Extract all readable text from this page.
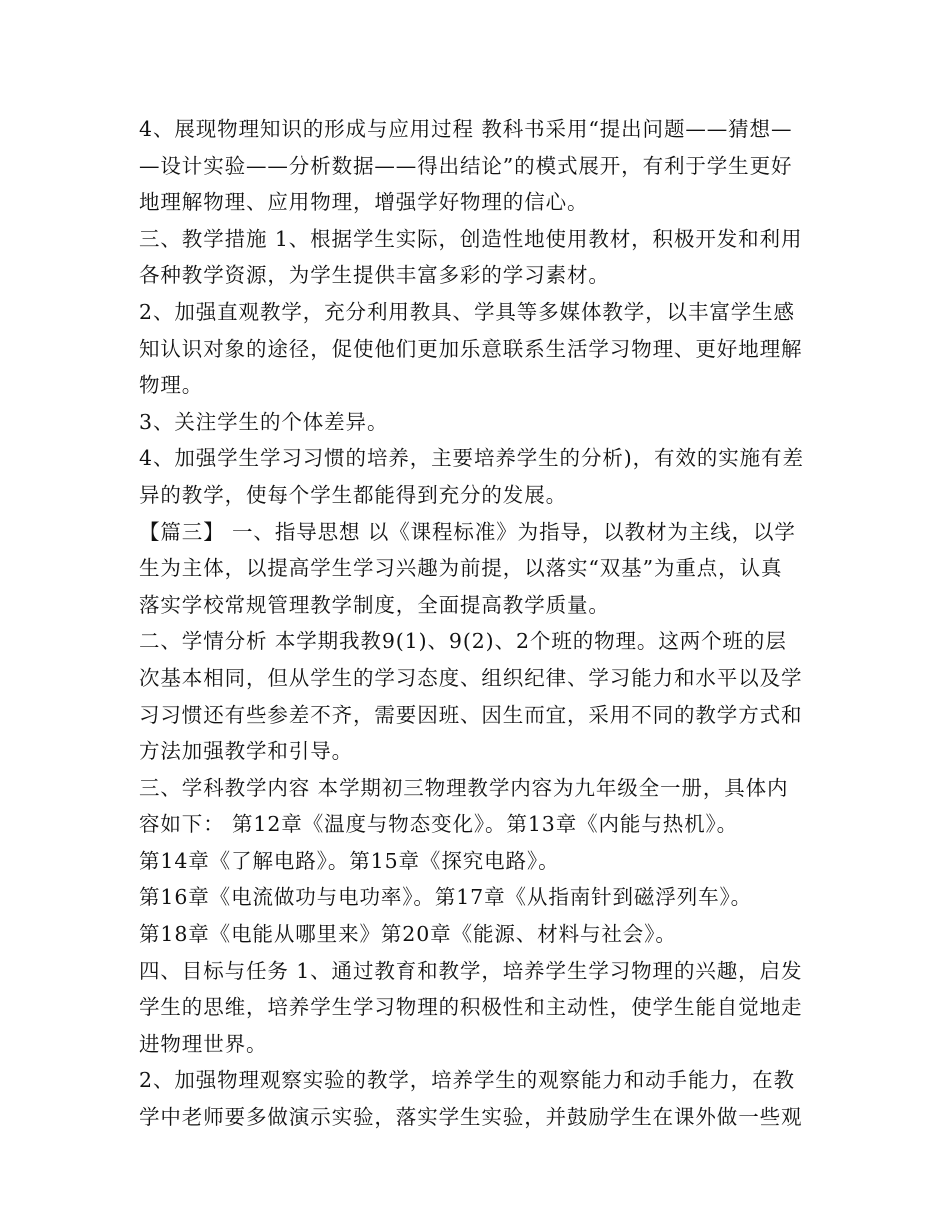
4、展现物理知识的形成与应用过程 教科书采用“提出问题——猜想—
—设计实验——分析数据——得出结论”的模式展开，有利于学生更好
地理解物理、应用物理，增强学好物理的信心。
三、教学措施 1、根据学生实际，创造性地使用教材，积极开发和利用
各种教学资源，为学生提供丰富多彩的学习素材。
2、加强直观教学，充分利用教具、学具等多媒体教学，以丰富学生感
知认识对象的途径，促使他们更加乐意联系生活学习物理、更好地理解
物理。
3、关注学生的个体差异。
4、加强学生学习习惯的培养，主要培养学生的分析)，有效的实施有差
异的教学，使每个学生都能得到充分的发展。
【篇三】 一、指导思想 以《课程标准》为指导，以教材为主线，以学
生为主体，以提高学生学习兴趣为前提，以落实“双基”为重点，认真
落实学校常规管理教学制度，全面提高教学质量。
二、学情分析 本学期我教9(1)、9(2)、2个班的物理。这两个班的层
次基本相同，但从学生的学习态度、组织纪律、学习能力和水平以及学
习习惯还有些参差不齐，需要因班、因生而宜，采用不同的教学方式和
方法加强教学和引导。
三、学科教学内容 本学期初三物理教学内容为九年级全一册，具体内
容如下： 第12章《温度与物态变化》。第13章《内能与热机》。
第14章《了解电路》。第15章《探究电路》。
第16章《电流做功与电功率》。第17章《从指南针到磁浮列车》。
第18章《电能从哪里来》第20章《能源、材料与社会》。
四、目标与任务 1、通过教育和教学，培养学生学习物理的兴趣，启发
学生的思维，培养学生学习物理的积极性和主动性，使学生能自觉地走
进物理世界。
2、加强物理观察实验的教学，培养学生的观察能力和动手能力，在教
学中老师要多做演示实验，落实学生实验，并鼓励学生在课外做一些观
